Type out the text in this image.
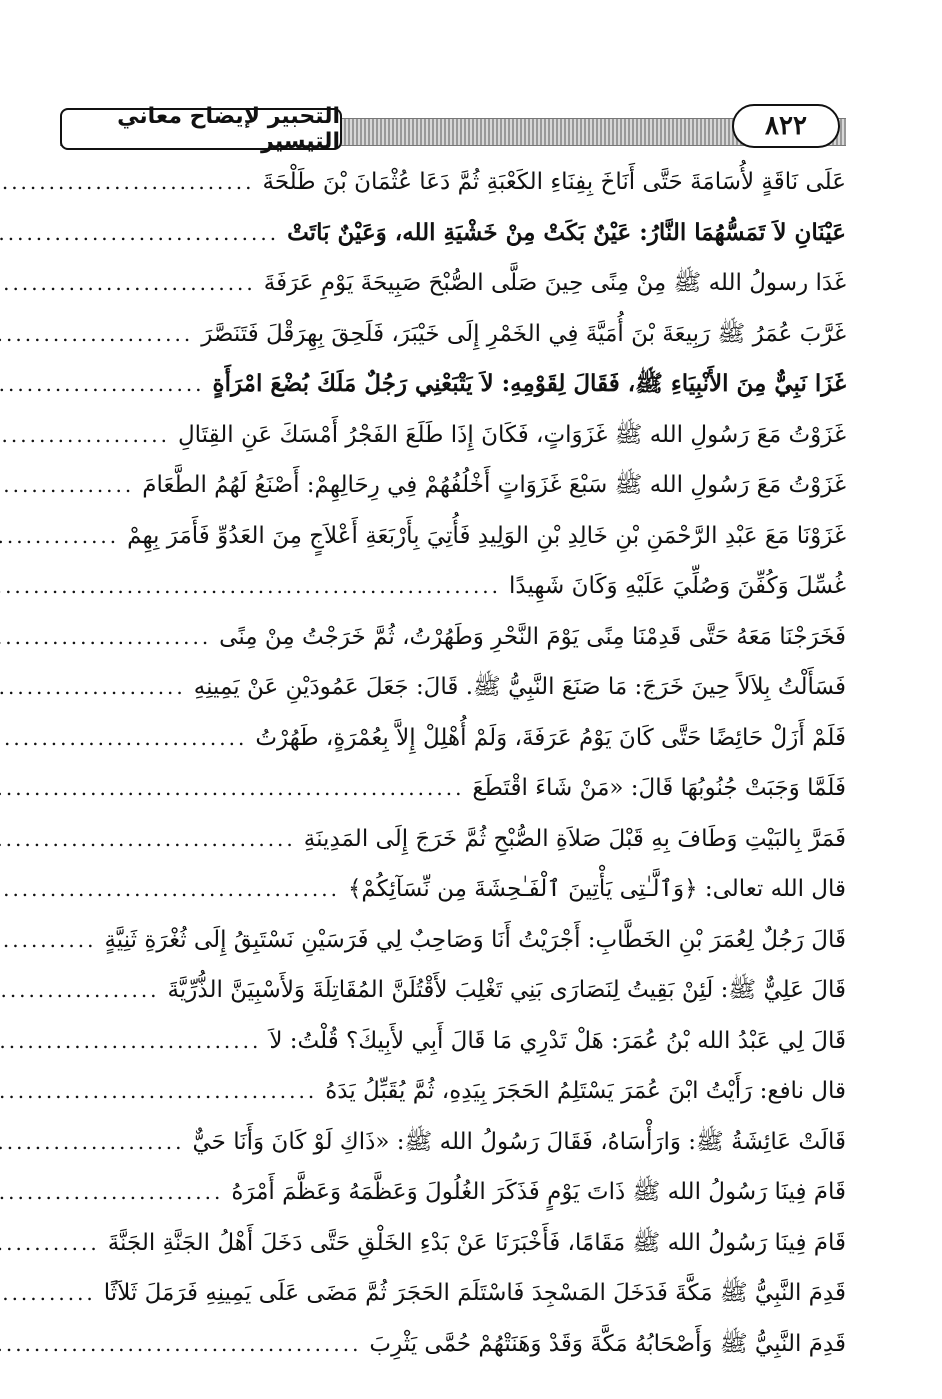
التحبير لإيضاح معاني التيسير
٨٢٢
عَلَى نَاقَةٍ لأُسَامَةَ حَتَّى أَنَاخَ بِفِنَاءِ الكَعْبَةِ ثُمَّ دَعَا عُثْمَانَ بْنَ طَلْحَةَ
.....
عَيْنَانِ لاَ تَمَسُّهُمَا النَّارُ: عَيْنٌ بَكَتْ مِنْ خَشْيَةِ الله، وَعَيْنٌ بَاتَتْ
.....
غَدَا رسولُ الله ﷺ مِنْ مِنًى حِينَ صَلَّى الصُّبْحَ صَبِيحَةَ يَوْمِ عَرَفَةَ
.....
غَرَّبَ عُمَرُ ﷺ رَبِيعَةَ بْنَ أُمَيَّةَ فِي الخَمْرِ إِلَى خَيْبَرَ، فَلَحِقَ بِهِرَقْلَ فَتَنَصَّرَ
.....
غَزَا نَبِيٌّ مِنَ الأَنْبِيَاءِ ﷺ، فَقَالَ لِقَوْمِهِ: لاَ يَتْبَعْنِي رَجُلٌ مَلَكَ بُضْعَ امْرَأَةٍ
.....
غَزَوْتُ مَعَ رَسُولِ الله ﷺ غَزَوَاتٍ، فَكَانَ إِذَا طَلَعَ الفَجْرُ أَمْسَكَ عَنِ القِتَالِ
.....
غَزَوْتُ مَعَ رَسُولِ الله ﷺ سَبْعَ غَزَوَاتٍ أَخْلُفُهُمْ فِي رِحَالِهِمْ: أَصْنَعُ لَهُمُ الطَّعَامَ
.....
غَزَوْنَا مَعَ عَبْدِ الرَّحْمَنِ بْنِ خَالِدِ بْنِ الوَلِيدِ فَأُتِيَ بِأَرْبَعَةِ أَعْلاَجٍ مِنَ العَدُوِّ فَأَمَرَ بِهِمْ
.....
غُسِّلَ وَكُفِّنَ وَصُلِّيَ عَلَيْهِ وَكَانَ شَهِيدًا
.....
فَخَرَجْنَا مَعَهُ حَتَّى قَدِمْنَا مِنًى يَوْمَ النَّحْرِ وَطَهُرْتُ، ثُمَّ خَرَجْتُ مِنْ مِنًى
.....
فَسَأَلْتُ بِلاَلاً حِينَ خَرَجَ: مَا صَنَعَ النَّبِيُّ ﷺ. قَالَ: جَعَلَ عَمُودَيْنِ عَنْ يَمِينِهِ
.....
فَلَمْ أَزَلْ حَائِضًا حَتَّى كَانَ يَوْمُ عَرَفَةَ، وَلَمْ أُهْلِلْ إِلاَّ بِعُمْرَةٍ، طَهُرْتُ
.....
فَلَمَّا وَجَبَتْ جُنُوبُهَا قَالَ: «مَنْ شَاءَ اقْتَطَعَ
.....
فَمَرَّ بِالبَيْتِ وَطَافَ بِهِ قَبْلَ صَلاَةِ الصُّبْحِ ثُمَّ خَرَجَ إِلَى المَدِينَةِ
.....
قال الله تعالى: ﴿وَٱلَّـٰتِى يَأْتِينَ ٱلْفَـٰحِشَةَ مِن نِّسَآئِكُمْ﴾
.....
قَالَ رَجُلٌ لِعُمَرَ بْنِ الخَطَّابِ: أَجْرَيْتُ أَنَا وَصَاحِبٌ لِي فَرَسَيْنِ نَسْتَبِقُ إِلَى ثُغْرَةِ ثَنِيَّةٍ
.....
قَالَ عَلِيٌّ ﷺ: لَئِنْ بَقِيتُ لِنَصَارَى بَنِي تَغْلِبَ لأَقْتُلَنَّ المُقَاتِلَةَ وَلأَسْبِيَنَّ الذُّرِّيَّةَ
.....
قَالَ لِي عَبْدُ الله بْنُ عُمَرَ: هَلْ تَدْرِي مَا قَالَ أَبِي لأَبِيكَ؟ قُلْتُ: لاَ
.....
قال نافع: رَأَيْتُ ابْنَ عُمَرَ يَسْتَلِمُ الحَجَرَ بِيَدِهِ، ثُمَّ يُقَبِّلُ يَدَهُ
.....
قَالَتْ عَائِشَةُ ﷺ: وَارَأْسَاهُ، فَقَالَ رَسُولُ الله ﷺ: «ذَاكِ لَوْ كَانَ وَأَنَا حَيٌّ
.....
قَامَ فِينَا رَسُولُ الله ﷺ ذَاتَ يَوْمٍ فَذَكَرَ الغُلُولَ وَعَظَّمَهُ وَعَظَّمَ أَمْرَهُ
.....
قَامَ فِينَا رَسُولُ الله ﷺ مَقَامًا، فَأَخْبَرَنَا عَنْ بَدْءِ الخَلْقِ حَتَّى دَخَلَ أَهْلُ الجَنَّةِ الجَنَّةَ
.....
قَدِمَ النَّبِيُّ ﷺ مَكَّةَ فَدَخَلَ المَسْجِدَ فَاسْتَلَمَ الحَجَرَ ثُمَّ مَضَى عَلَى يَمِينِهِ فَرَمَلَ ثَلاَثًا
.....
قَدِمَ النَّبِيُّ ﷺ وَأَصْحَابُهُ مَكَّةَ وَقَدْ وَهَنَتْهُمْ حُمَّى يَثْرِبَ
.....
